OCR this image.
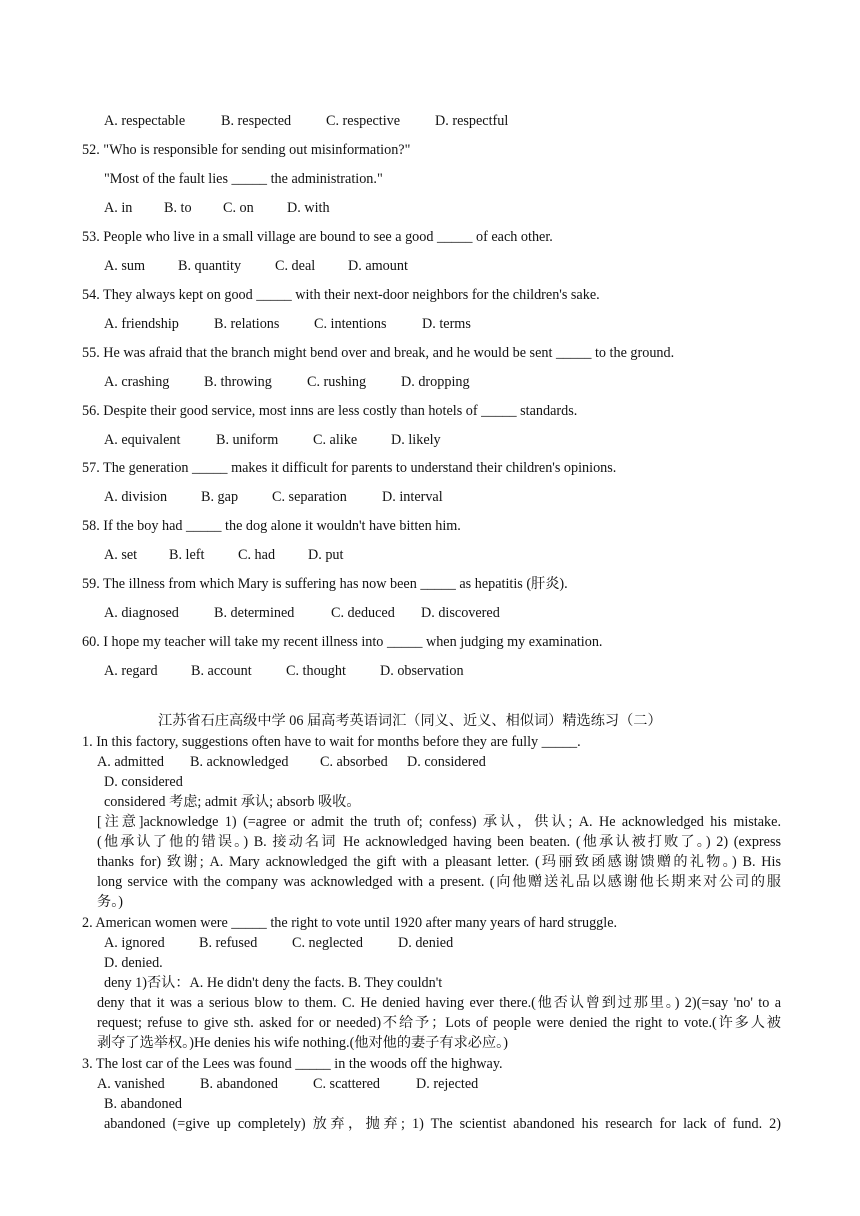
A. respectable	B. respected C. respective D. respectful
52. "Who is responsible for sending out misinformation?"
"Most of the fault lies _____ the administration."
A. in B. to C. on D. with
53. People who live in a small village are bound to see a good _____ of each other.
A. sum B. quantity C. deal D. amount
54. They always kept on good _____ with their next-door neighbors for the children's sake.
A. friendship B. relations C. intentions D. terms
55. He was afraid that the branch might bend over and break, and he would be sent _____ to the ground.
A. crashing B. throwing C. rushing D. dropping
56. Despite their good service, most inns are less costly than hotels of _____ standards.
A. equivalent	B. uniform C. alike D. likely
57. The generation _____ makes it difficult for parents to understand their children's opinions.
A. division B. gap C. separation D. interval
58. If the boy had _____ the dog alone it wouldn't have bitten him.
A. set B. left C. had D. put
59. The illness from which Mary is suffering has now been _____ as hepatitis (肝炎).
A. diagnosed B. determined	C. deduced D. discovered
60. I hope my teacher will take my recent illness into _____ when judging my examination.
A. regard B. account C. thought D. observation
江苏省石庄高级中学 06 届高考英语词汇（同义、近义、相似词）精选练习（二）
1. In this factory, suggestions often have to wait for months before they are fully _____.
A. admitted B. acknowledged C. absorbed D. considered
D. considered
considered 考虑; admit 承认; absorb 吸收。
[注意]acknowledge 1) (=agree or admit the truth of; confess) 承认，供认; A. He acknowledged his mistake.
(他承认了他的错误。) B. 接动名词 He acknowledged having been beaten. (他承认被打败了。) 2) (express
thanks for) 致谢; A. Mary acknowledged the gift with a pleasant letter. (玛丽致函感谢馈赠的礼物。) B. His
long service with the company was acknowledged with a present. (向他赠送礼品以感谢他长期来对公司的服
务。)
2. American women were _____ the right to vote until 1920 after many years of hard struggle.
A. ignored B. refused C. neglected D. denied
D. denied.
deny 1)否认：A. He didn't deny the facts. B. They couldn't
deny that it was a serious blow to them. C. He denied having ever there.(他否认曾到过那里。) 2)(=say 'no' to a
request; refuse to give sth. asked for or needed)不给予；Lots of people were denied the right to vote.(许多人被
剥夺了选举权。)He denies his wife nothing.(他对他的妻子有求必应。)
3. The lost car of the Lees was found _____ in the woods off the highway.
A. vanished B. abandoned C. scattered	D. rejected
B. abandoned
abandoned (=give up completely) 放弃，抛弃; 1) The scientist abandoned his research for lack of fund. 2)
